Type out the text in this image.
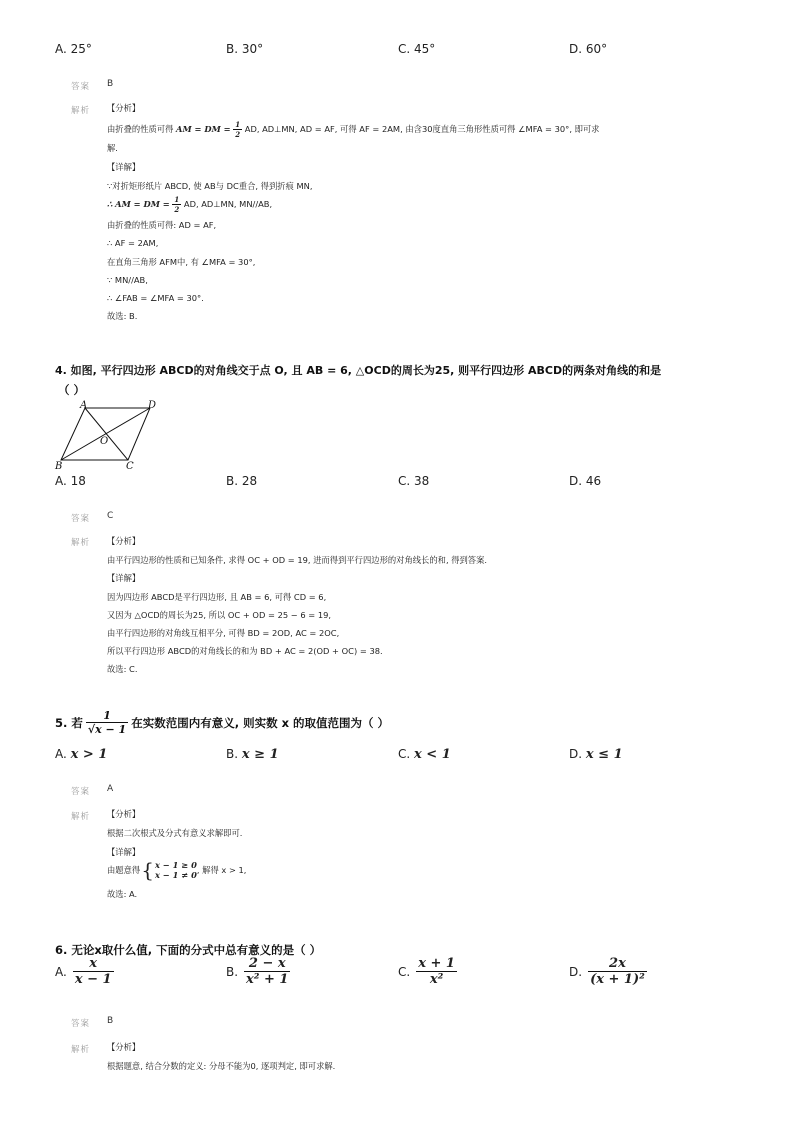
A. 25°	B. 30°	C. 45°	D. 60°
答案 B
解析 【分析】
由折叠的性质可得 AM = DM = $\frac{1}{2}$ AD, AD⊥MN, AD = AF, 可得 AF = 2AM, 由含30度直角三角形性质可得 ∠MFA = 30°, 即可求
解.
【详解】
∵对折矩形纸片 ABCD, 使 AB与 DC重合, 得到折痕 MN,
∴ AM = DM = $\frac{1}{2}$ AD, AD⊥MN, MN//AB,
由折叠的性质可得: AD = AF,
∴ AF = 2AM,
在直角三角形 AFM中, 有 ∠MFA = 30°,
∵ MN//AB,
∴ ∠FAB = ∠MFA = 30°.
故选: B.
4. 如图, 平行四边形 ABCD的对角线交于点 O, 且 AB = 6, △OCD的周长为25, 则平行四边形 ABCD的两条对角线的和是
（ ）
A	D
B	C
O
A. 18	B. 28	C. 38	D. 46
答案 C
解析 【分析】
由平行四边形的性质和已知条件, 求得 OC + OD = 19, 进而得到平行四边形的对角线长的和, 得到答案.
【详解】
因为四边形 ABCD是平行四边形, 且 AB = 6, 可得 CD = 6,
又因为 △OCD的周长为25, 所以 OC + OD = 25 − 6 = 19,
由平行四边形的对角线互相平分, 可得 BD = 2OD, AC = 2OC,
所以平行四边形 ABCD的对角线长的和为 BD + AC = 2(OD + OC) = 38.
故选: C.
5. 若 $\frac{1}{√x - 1}$ 在实数范围内有意义, 则实数 x 的取值范围为（ ）
A. x > 1	B. x ≥ 1	C. x < 1	D. x ≤ 1
答案 A
解析 【分析】
根据二次根式及分式有意义求解即可.
【详解】
由题意得 { x − 1 ≥ 0
x − 1 ≠ 0 , 解得 x > 1,
故选: A.
6. 无论x取什么值, 下面的分式中总有意义的是（ ）
A. $\frac{x}{x - 1}$	B. $\frac{2 - x}{\text{x² + 1}}$	C. $\frac{x + 1}{\text{x²}}$	D. $\frac{2x}{\text{(x + 1)²}}$
答案 B
解析 【分析】
根据题意, 结合分数的定义: 分母不能为0, 逐项判定, 即可求解.
